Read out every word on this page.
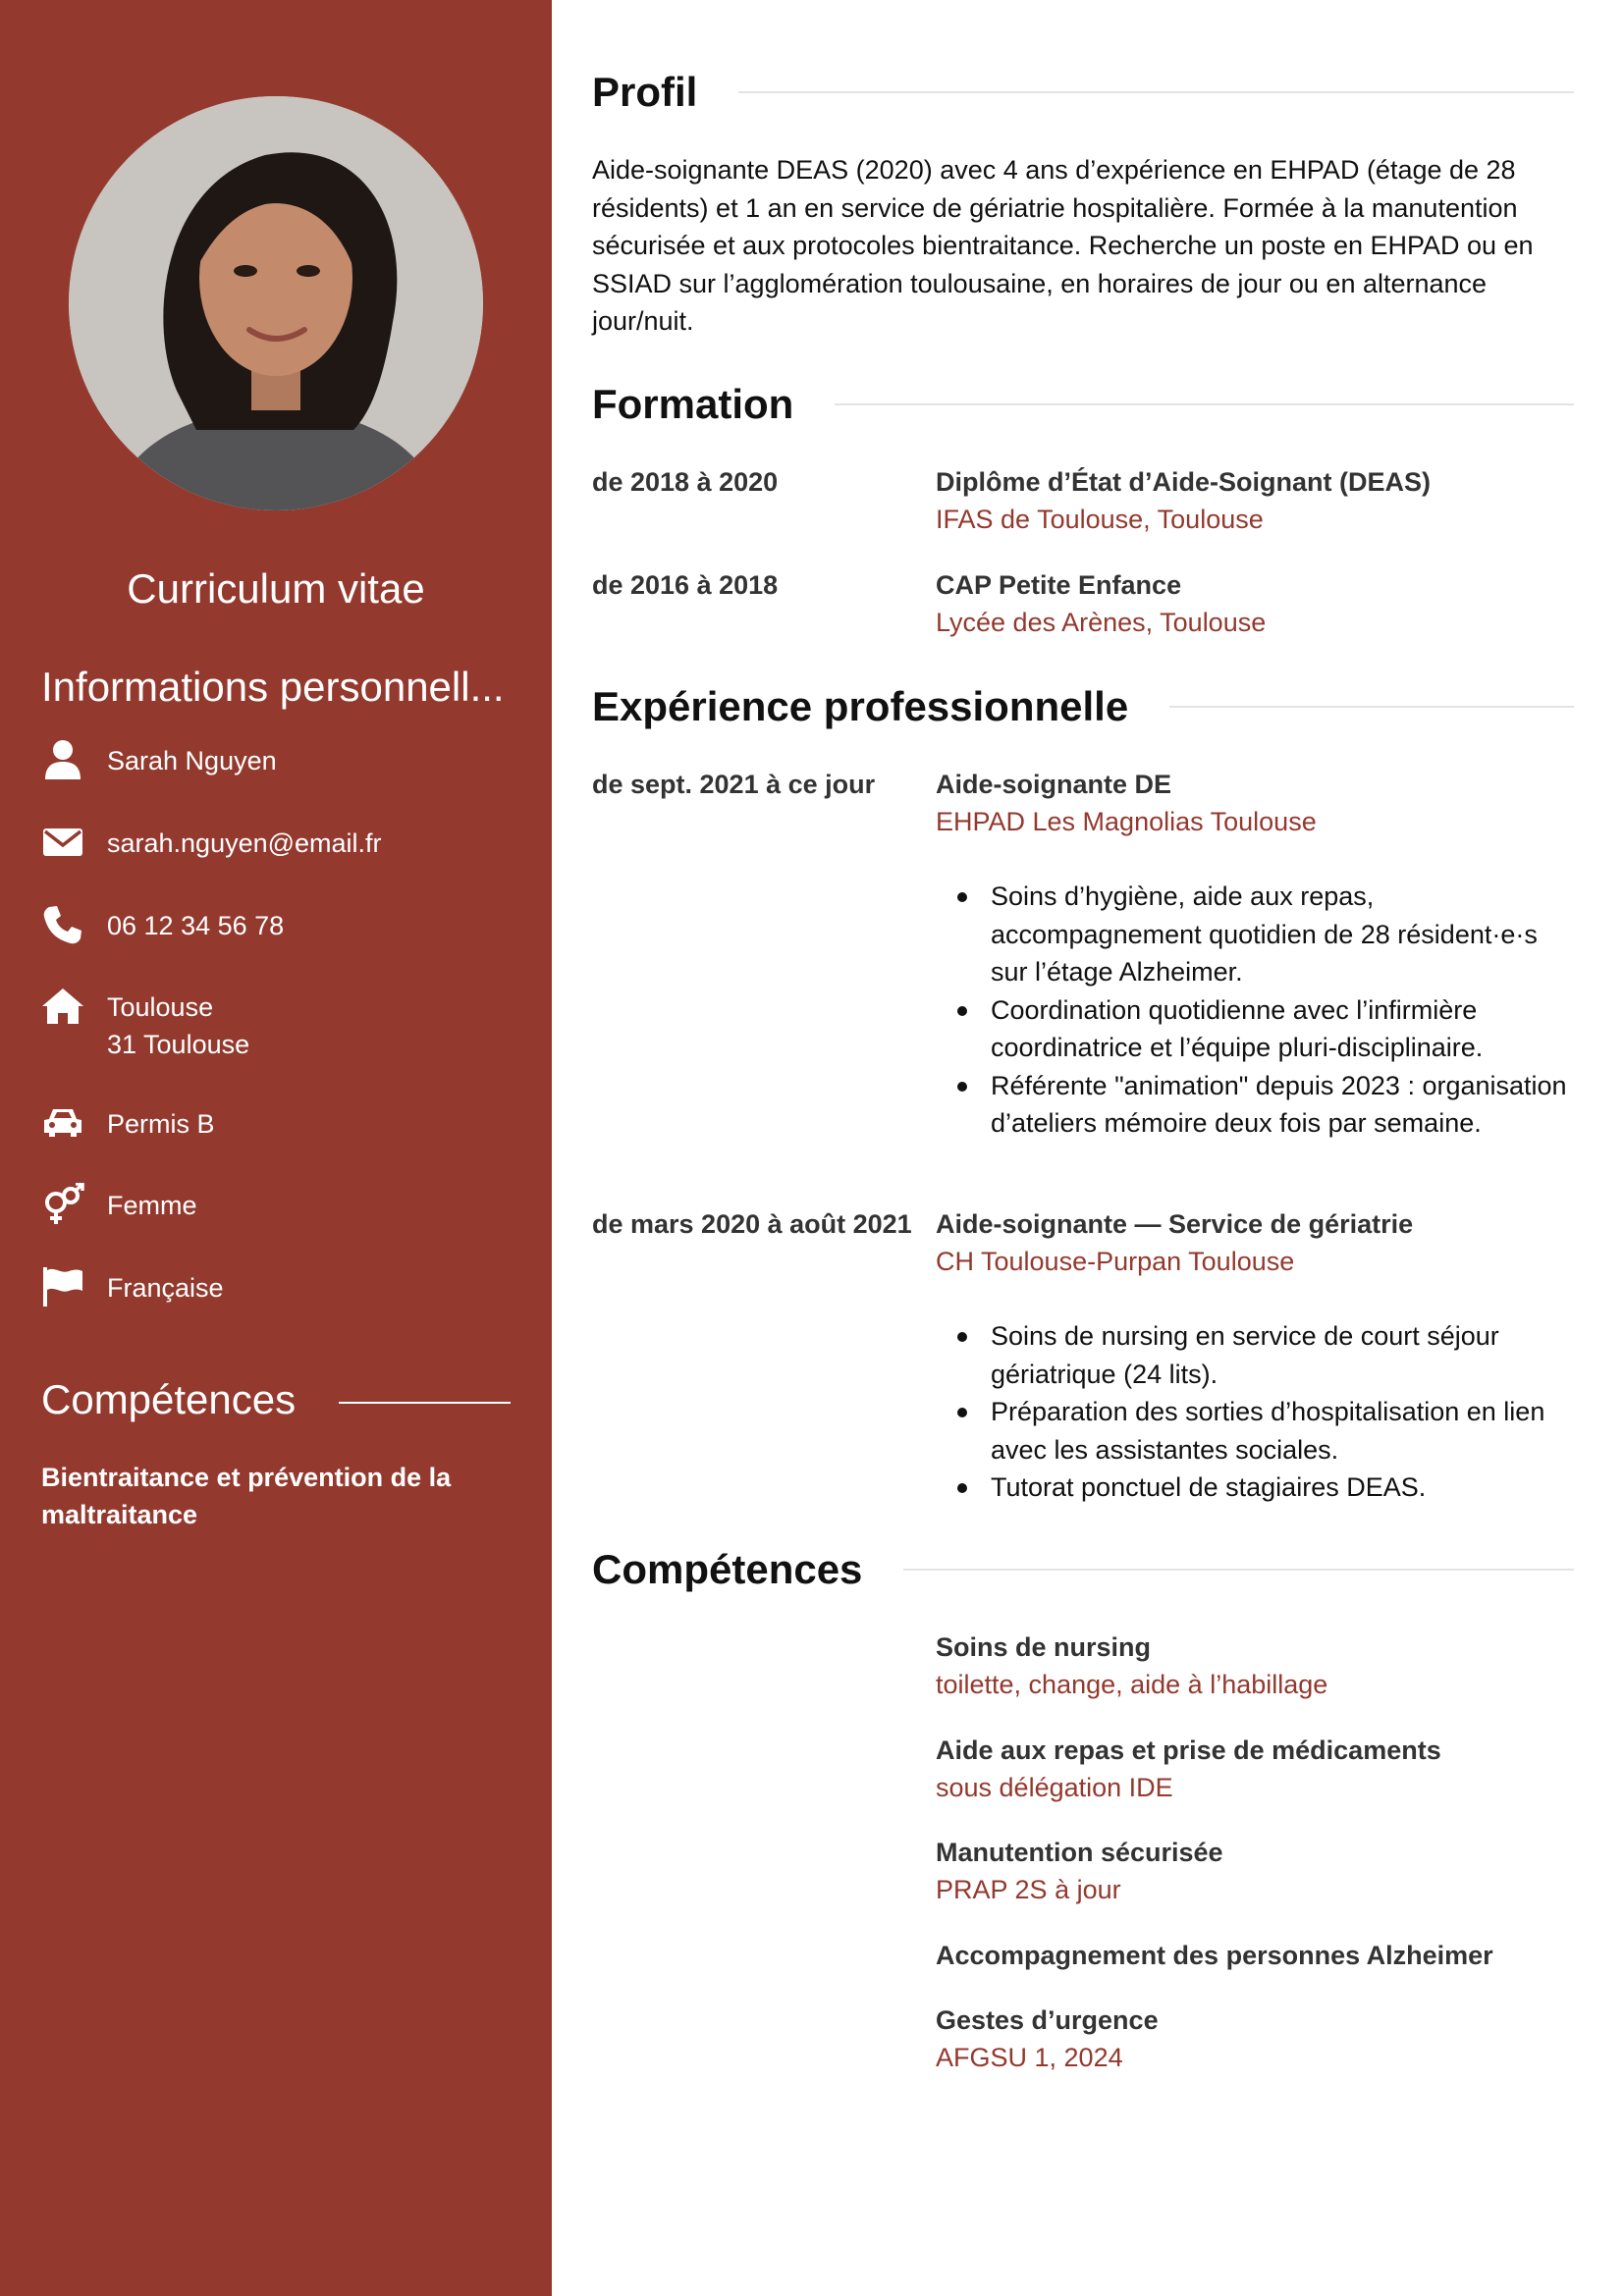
Curriculum vitae
Informations personnell...
Sarah Nguyen
sarah.nguyen@email.fr
06 12 34 56 78
Toulouse
31 Toulouse
Permis B
Femme
Française
Compétences
Bientraitance et prévention de la maltraitance
Profil
Aide-soignante DEAS (2020) avec 4 ans d’expérience en EHPAD (étage de 28 résidents) et 1 an en service de gériatrie hospitalière. Formée à la manutention sécurisée et aux protocoles bientraitance. Recherche un poste en EHPAD ou en SSIAD sur l’agglomération toulousaine, en horaires de jour ou en alternance jour/nuit.
Formation
de 2018 à 2020	Diplôme d’État d’Aide-Soignant (DEAS)
IFAS de Toulouse, Toulouse
de 2016 à 2018	CAP Petite Enfance
Lycée des Arènes, Toulouse
Expérience professionnelle
de sept. 2021 à ce jour	Aide-soignante DE
EHPAD Les Magnolias Toulouse
Soins d’hygiène, aide aux repas, accompagnement quotidien de 28 résident·e·s sur l’étage Alzheimer.
Coordination quotidienne avec l’infirmière coordinatrice et l’équipe pluri-disciplinaire.
Référente "animation" depuis 2023 : organisation d’ateliers mémoire deux fois par semaine.
de mars 2020 à août 2021 Aide-soignante — Service de gériatrie
CH Toulouse-Purpan Toulouse
Soins de nursing en service de court séjour gériatrique (24 lits).
Préparation des sorties d’hospitalisation en lien avec les assistantes sociales.
Tutorat ponctuel de stagiaires DEAS.
Compétences
Soins de nursing
toilette, change, aide à l’habillage
Aide aux repas et prise de médicaments
sous délégation IDE
Manutention sécurisée
PRAP 2S à jour
Accompagnement des personnes Alzheimer
Gestes d’urgence
AFGSU 1, 2024
